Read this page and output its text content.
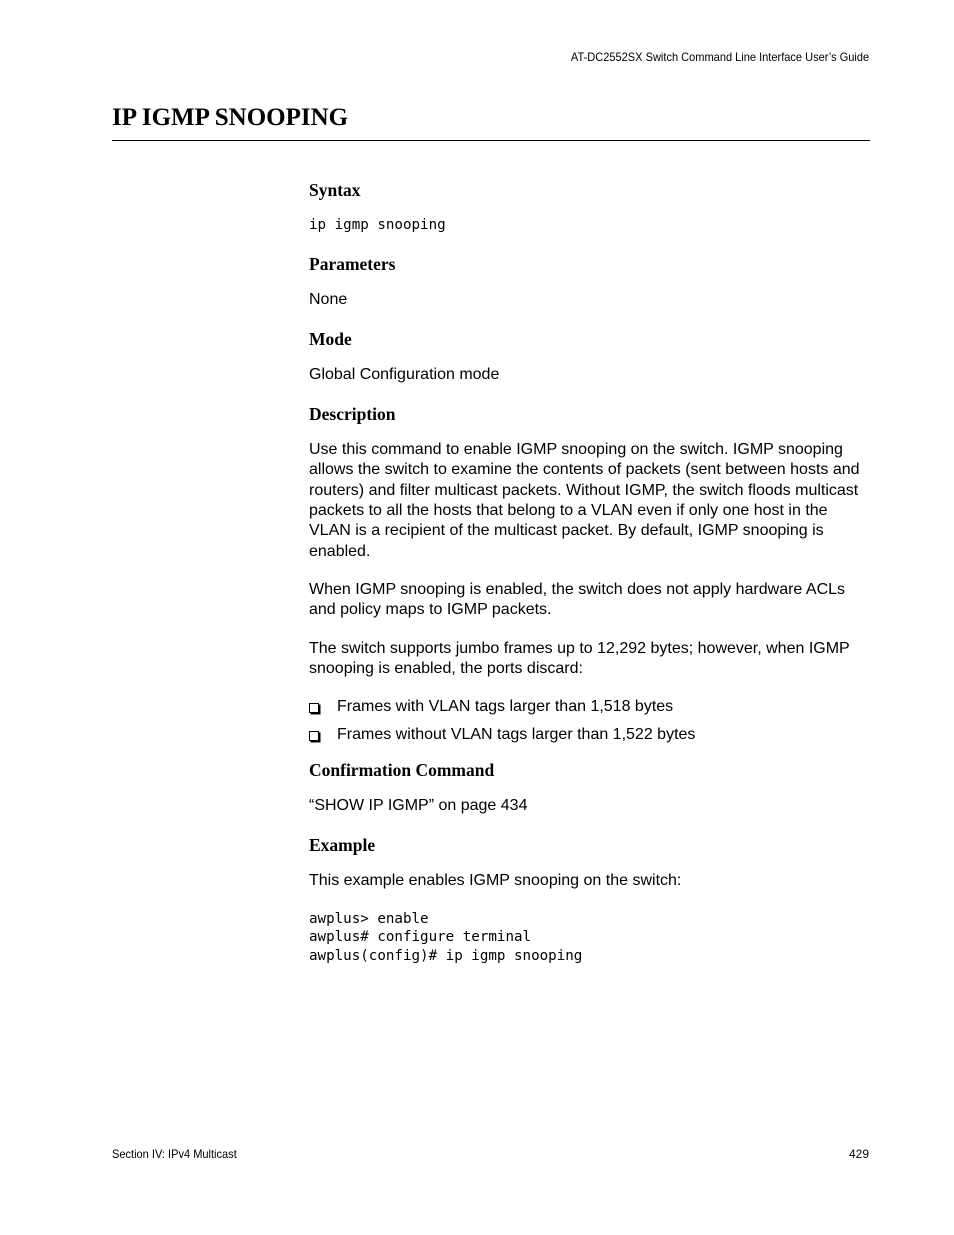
AT-DC2552SX Switch Command Line Interface User’s Guide
IP IGMP SNOOPING
Syntax
ip igmp snooping
Parameters

None

Mode

Global Configuration mode

Description

Use this command to enable IGMP snooping on the switch. IGMP snooping allows the switch to examine the contents of packets (sent between hosts and routers) and filter multicast packets. Without IGMP, the switch floods multicast packets to all the hosts that belong to a VLAN even if only one host in the VLAN is a recipient of the multicast packet. By default, IGMP snooping is enabled.

When IGMP snooping is enabled, the switch does not apply hardware ACLs and policy maps to IGMP packets.

The switch supports jumbo frames up to 12,292 bytes; however, when IGMP snooping is enabled, the ports discard:

Frames with VLAN tags larger than 1,518 bytes
Frames without VLAN tags larger than 1,522 bytes
Confirmation Command

“SHOW IP IGMP” on page 434

Example

This example enables IGMP snooping on the switch:

awplus> enable
awplus# configure terminal
awplus(config)# ip igmp snooping
Section IV: IPv4 Multicast	429
